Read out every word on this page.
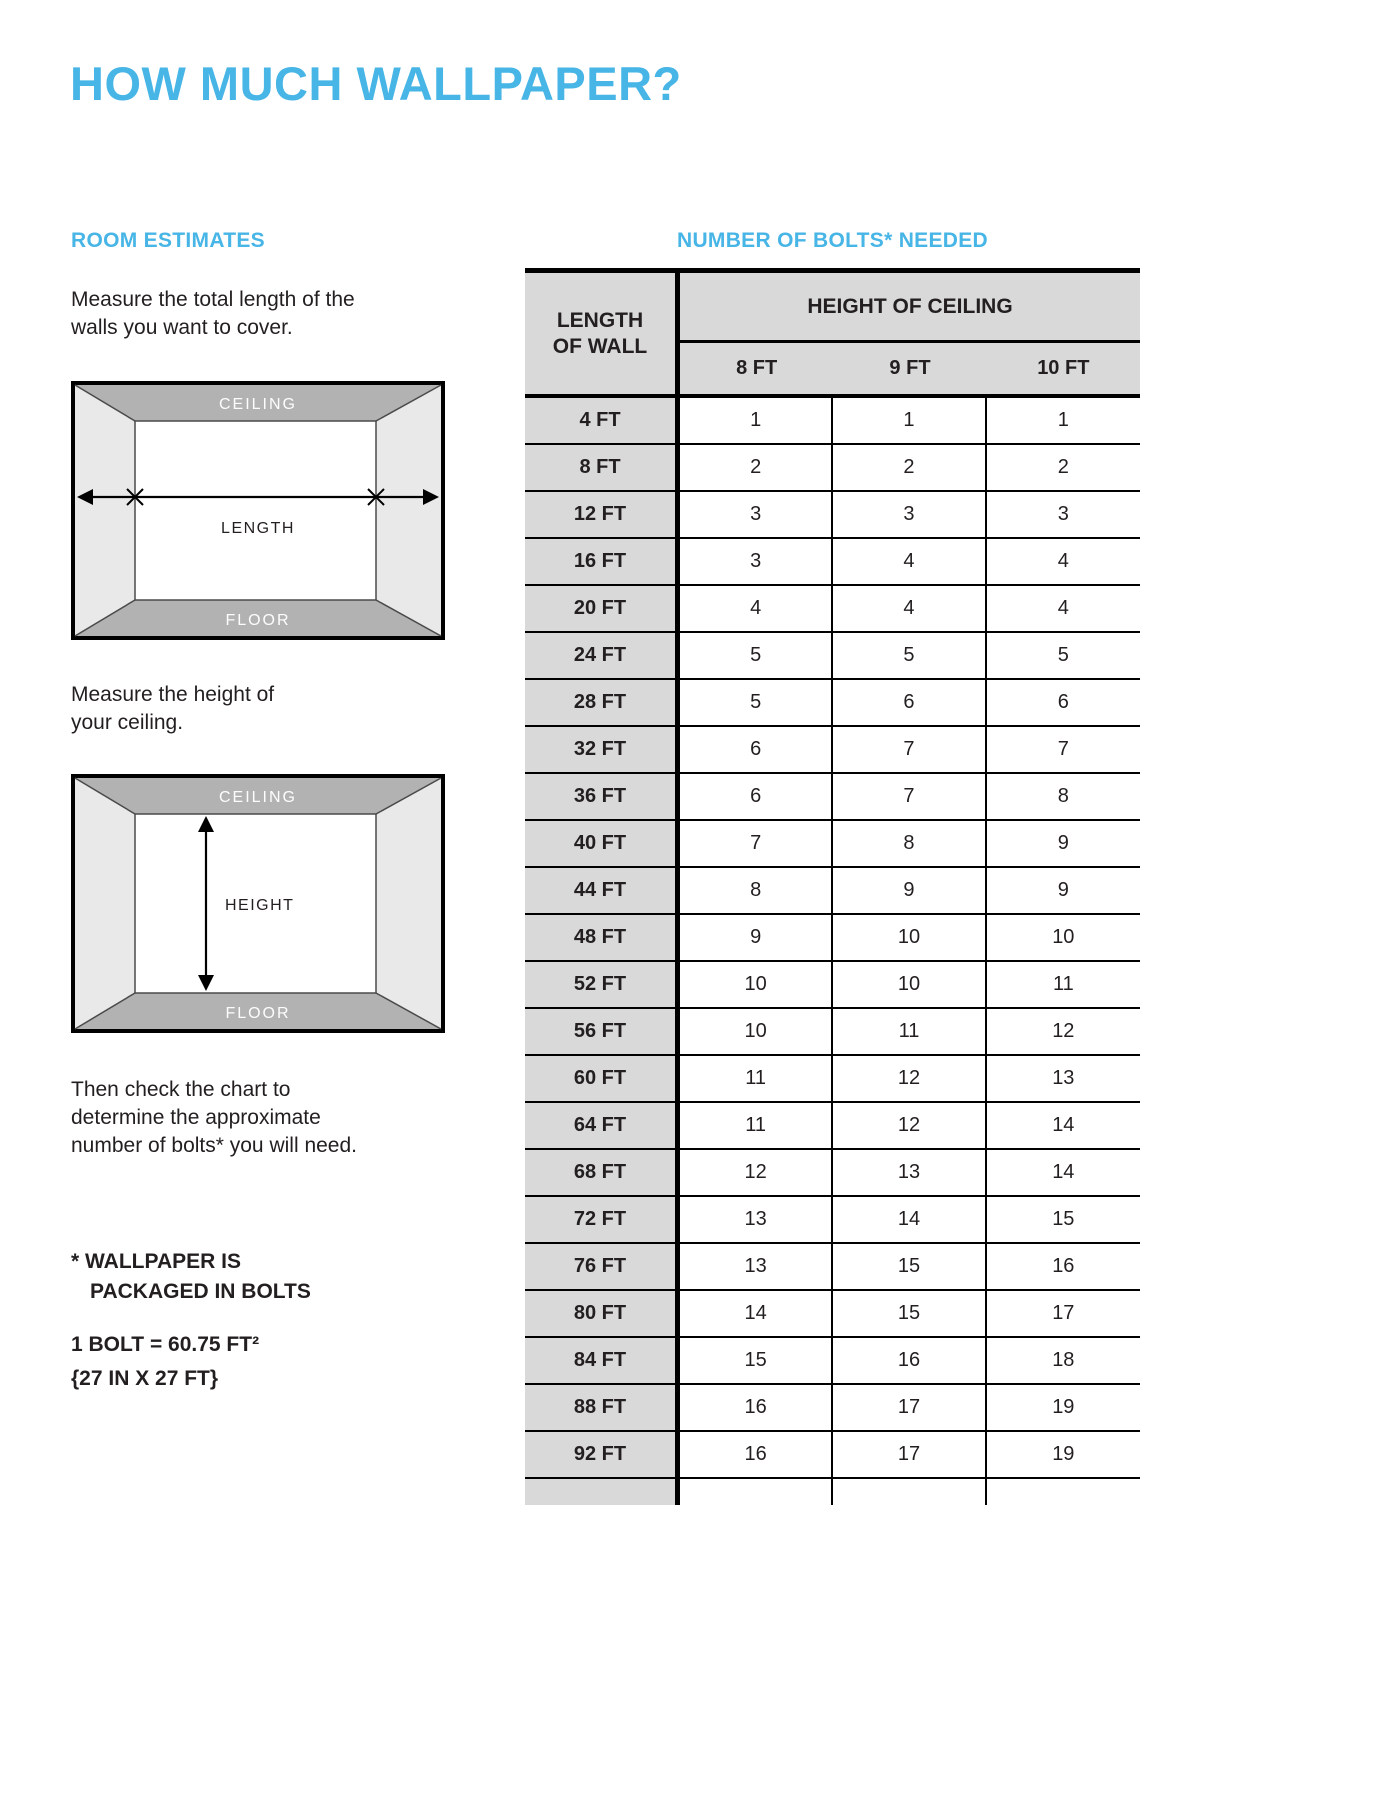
HOW MUCH WALLPAPER?
ROOM ESTIMATES

Measure the total length of the walls you want to cover.

CEILING
FLOOR
LENGTH

Measure the height of your ceiling.

CEILING
FLOOR
HEIGHT

Then check the chart to determine the approximate number of bolts* you will need.

* WALLPAPER IS
PACKAGED IN BOLTS
1 BOLT = 60.75 FT²
{27 IN X 27 FT}
NUMBER OF BOLTS* NEEDED
LENGTH OF WALL
HEIGHT OF CEILING
8 FT	9 FT	10 FT
4 FT	1	1	1
8 FT	2	2	2
12 FT	3	3	3
16 FT	3	4	4
20 FT	4	4	4
24 FT	5	5	5
28 FT	5	6	6
32 FT	6	7	7
36 FT	6	7	8
40 FT	7	8	9
44 FT	8	9	9
48 FT	9	10	10
52 FT	10	10	11
56 FT	10	11	12
60 FT	11	12	13
64 FT	11	12	14
68 FT	12	13	14
72 FT	13	14	15
76 FT	13	15	16
80 FT	14	15	17
84 FT	15	16	18
88 FT	16	17	19
92 FT	16	17	19
